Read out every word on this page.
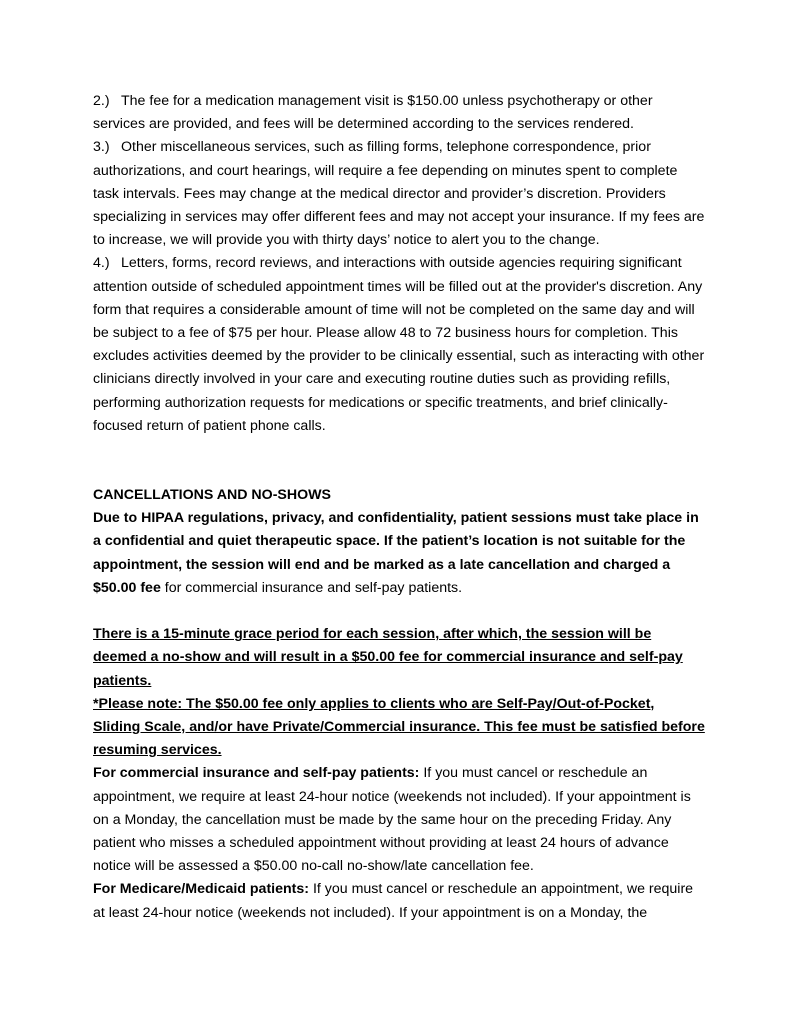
2.) The fee for a medication management visit is $150.00 unless psychotherapy or other services are provided, and fees will be determined according to the services rendered.

3.) Other miscellaneous services, such as filling forms, telephone correspondence, prior authorizations, and court hearings, will require a fee depending on minutes spent to complete task intervals. Fees may change at the medical director and provider’s discretion. Providers specializing in services may offer different fees and may not accept your insurance. If my fees are to increase, we will provide you with thirty days’ notice to alert you to the change.

4.) Letters, forms, record reviews, and interactions with outside agencies requiring significant attention outside of scheduled appointment times will be filled out at the provider's discretion. Any form that requires a considerable amount of time will not be completed on the same day and will be subject to a fee of $75 per hour. Please allow 48 to 72 business hours for completion. This excludes activities deemed by the provider to be clinically essential, such as interacting with other clinicians directly involved in your care and executing routine duties such as providing refills, performing authorization requests for medications or specific treatments, and brief clinically-focused return of patient phone calls.

CANCELLATIONS AND NO-SHOWS

Due to HIPAA regulations, privacy, and confidentiality, patient sessions must take place in a confidential and quiet therapeutic space. If the patient’s location is not suitable for the appointment, the session will end and be marked as a late cancellation and charged a $50.00 fee for commercial insurance and self-pay patients.

There is a 15-minute grace period for each session, after which, the session will be deemed a no-show and will result in a $50.00 fee for commercial insurance and self-pay patients.

*Please note: The $50.00 fee only applies to clients who are Self-Pay/Out-of-Pocket, Sliding Scale, and/or have Private/Commercial insurance. This fee must be satisfied before resuming services.

For commercial insurance and self-pay patients: If you must cancel or reschedule an appointment, we require at least 24-hour notice (weekends not included). If your appointment is on a Monday, the cancellation must be made by the same hour on the preceding Friday. Any patient who misses a scheduled appointment without providing at least 24 hours of advance notice will be assessed a $50.00 no-call no-show/late cancellation fee.

For Medicare/Medicaid patients: If you must cancel or reschedule an appointment, we require at least 24-hour notice (weekends not included). If your appointment is on a Monday, the
